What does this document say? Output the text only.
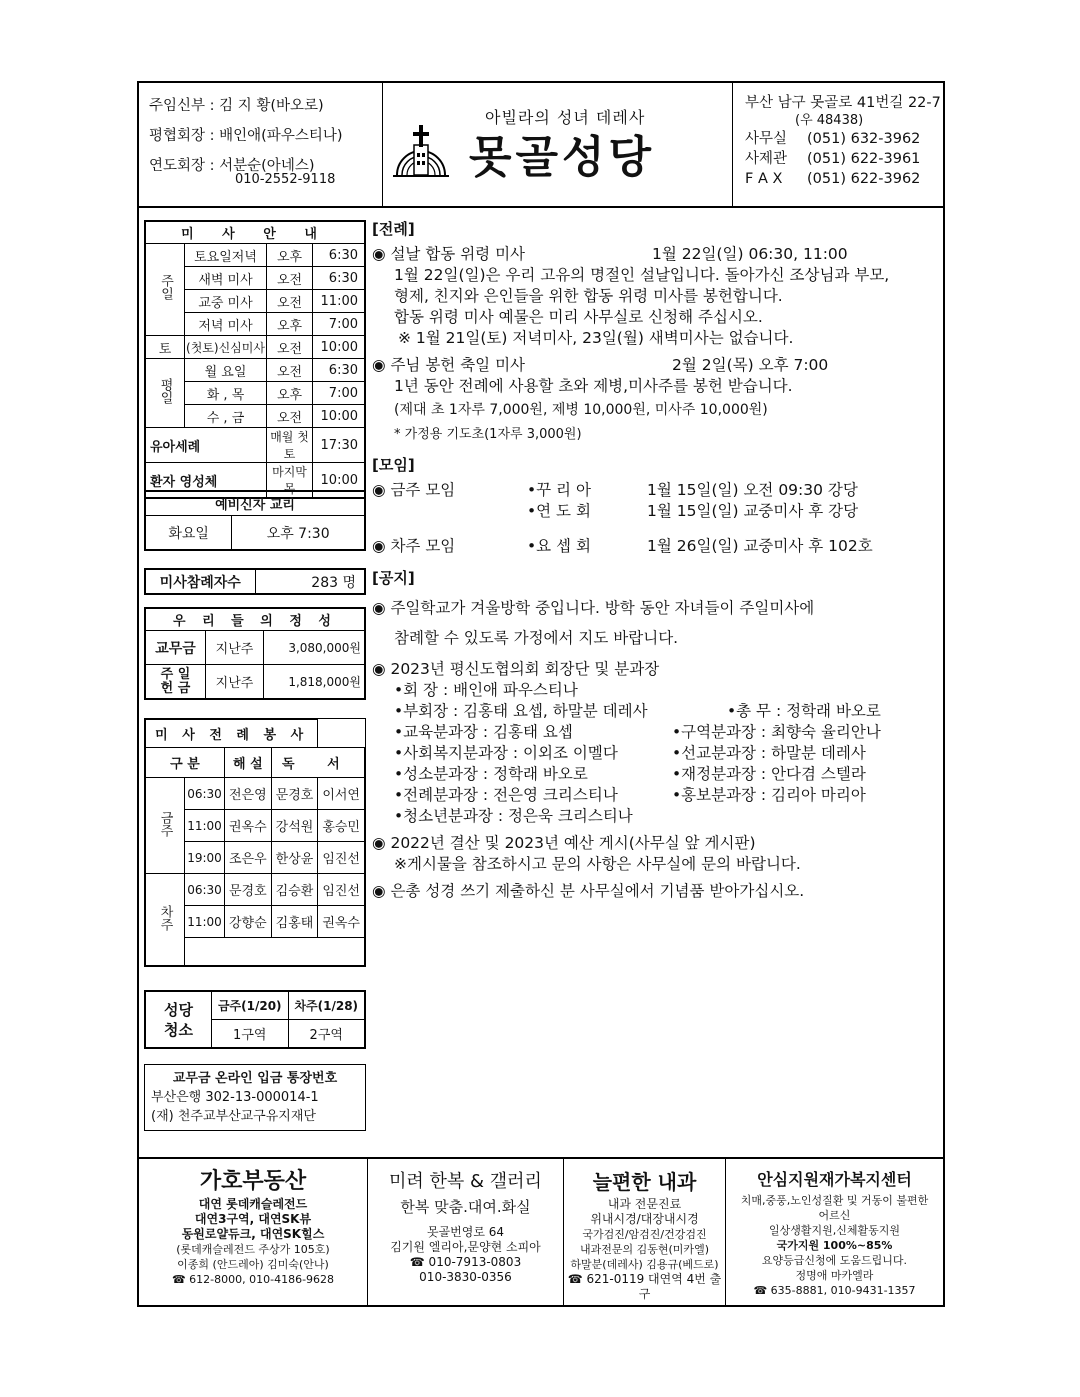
주임신부 : 김 지 황(바오로)
평협회장 : 배인애(파우스티나)
연도회장 : 서분순(아네스)
010-2552-9118
아빌라의 성녀 데레사
못골성당
부산 남구 못골로 41번길 22-7
(우 48438)
사무실 (051) 632-3962
사제관 (051) 622-3961
F A X (051) 622-3962
미 사 안 내			
주일	토요일저녁	오후	6:30
	새벽 미사	오전	6:30
	교중 미사	오전	11:00
	저녁 미사	오후	7:00
토	(첫토)신심미사	오전	10:00
평일	월 요일	오전	6:30
	화 , 목	오후	7:00
	수 , 금	오전	10:00
유아세례		매월 첫 토	17:30
환자 영성체		마지막 목	10:00
예비신자 교리
화요일	오후 7:30
미사참례자수	283 명
우 리 들 의 정 성		
교무금	지난주	3,080,000원
주 일 헌 금	지난주	1,818,000원
미 사 전 례 봉 사				
구 분		해 설	독 서	
금주	06:30	전은영	문경호	이서연
	11:00	권옥수	강석원	홍승민
	19:00	조은우	한상윤	임진선
차주	06:30	문경호	김승환	임진선
	11:00	강향순	김홍태	권옥수

성당 청소	금주(1/20)	차주(1/28)
	1구역	2구역
교무금 온라인 입금 통장번호
부산은행 302-13-000014-1
(재) 천주교부산교구유지재단
[전례]
◉ 설날 합동 위령 미사	1월 22일(일) 06:30, 11:00
1월 22일(일)은 우리 고유의 명절인 설날입니다. 돌아가신 조상님과 부모,
형제, 친지와 은인들을 위한 합동 위령 미사를 봉헌합니다.
합동 위령 미사 예물은 미리 사무실로 신청해 주십시오.
※ 1월 21일(토) 저녁미사, 23일(월) 새벽미사는 없습니다.
◉ 주님 봉헌 축일 미사	2월 2일(목) 오후 7:00
1년 동안 전례에 사용할 초와 제병,미사주를 봉헌 받습니다.
(제대 초 1자루 7,000원, 제병 10,000원, 미사주 10,000원)
* 가정용 기도초(1자루 3,000원)
[모임]
◉ 금주 모임	•꾸 리 아	1월 15일(일) 오전 09:30 강당
•연 도 회	1월 15일(일) 교중미사 후 강당
◉ 차주 모임	•요 셉 회	1월 26일(일) 교중미사 후 102호
[공지]
◉ 주일학교가 겨울방학 중입니다. 방학 동안 자녀들이 주일미사에
참례할 수 있도록 가정에서 지도 바랍니다.
◉ 2023년 평신도협의회 회장단 및 분과장
•회 장 : 배인애 파우스티나
•부회장 : 김홍태 요셉, 하말분 데레사	•총 무 : 정학래 바오로
•교육분과장 : 김홍태 요셉	•구역분과장 : 최향숙 율리안나
•사회복지분과장 : 이외조 이멜다	•선교분과장 : 하말분 데레사
•성소분과장 : 정학래 바오로	•재정분과장 : 안다겸 스텔라
•전례분과장 : 전은영 크리스티나	•홍보분과장 : 김리아 마리아
•청소년분과장 : 정은욱 크리스티나
◉ 2022년 결산 및 2023년 예산 게시(사무실 앞 게시판)
※게시물을 참조하시고 문의 사항은 사무실에 문의 바랍니다.
◉ 은총 성경 쓰기 제출하신 분 사무실에서 기념품 받아가십시오.
가호부동산
대연 롯데캐슬레전드
대연3구역, 대연SK뷰
동원로얄듀크, 대연SK힐스
(롯데캐슬레전드 주상가 105호)
이종희 (안드레아) 김미숙(안나)
☎ 612-8000, 010-4186-9628
미려 한복 & 갤러리
한복 맞춤.대여.화실
못골번영로 64
김기원 엘리아,문양현 소피아
☎ 010-7913-0803
010-3830-0356
늘편한 내과
내과 전문진료
위내시경/대장내시경
국가검진/암검진/건강검진
내과전문의 김동현(미카엘)
하말분(데레사) 김용규(베드로)
☎ 621-0119 대연역 4번 출구
안심지원재가복지센터
치매,중풍,노인성질환 및 거동이 불편한
어르신
일상생활지원,신체활동지원
국가지원 100%~85%
요양등급신청에 도움드립니다.
정명애 마카엘라
☎ 635-8881, 010-9431-1357
